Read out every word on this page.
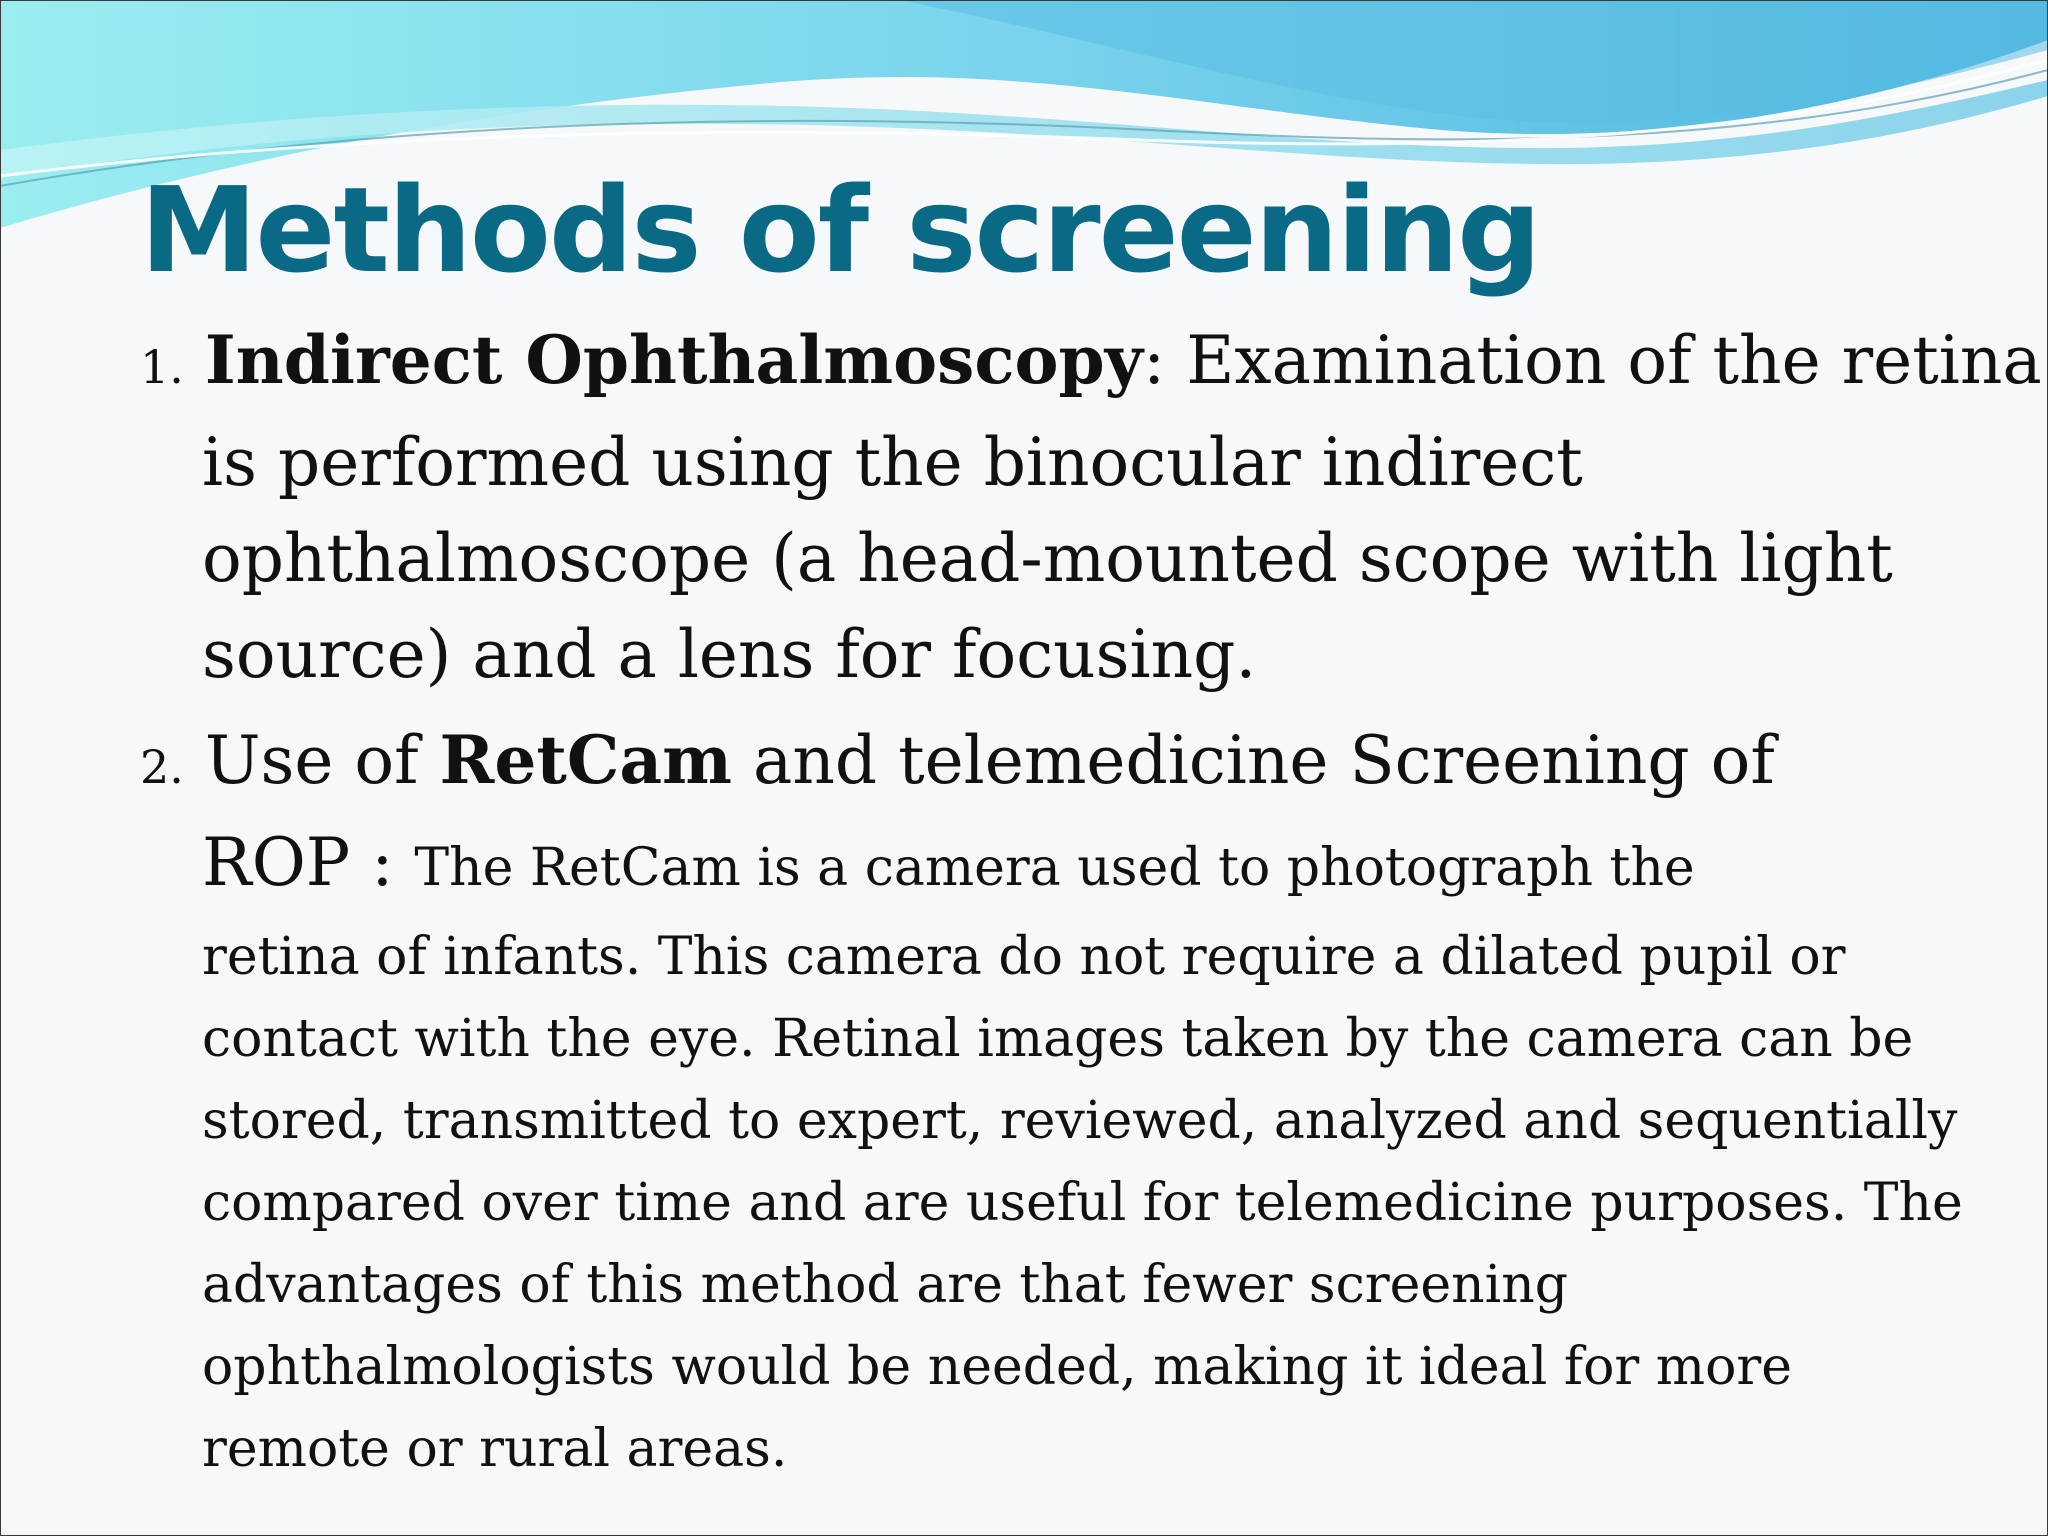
Methods of screening
1. Indirect Ophthalmoscopy: Examination of the retina is performed using the binocular indirect ophthalmoscope (a head-mounted scope with light source) and a lens for focusing.
2. Use of RetCam and telemedicine Screening of
ROP : The RetCam is a camera used to photograph the
retina of infants. This camera do not require a dilated pupil or contact with the eye. Retinal images taken by the camera can be stored, transmitted to expert, reviewed, analyzed and sequentially compared over time and are useful for telemedicine purposes. The advantages of this method are that fewer screening ophthalmologists would be needed, making it ideal for more remote or rural areas.
